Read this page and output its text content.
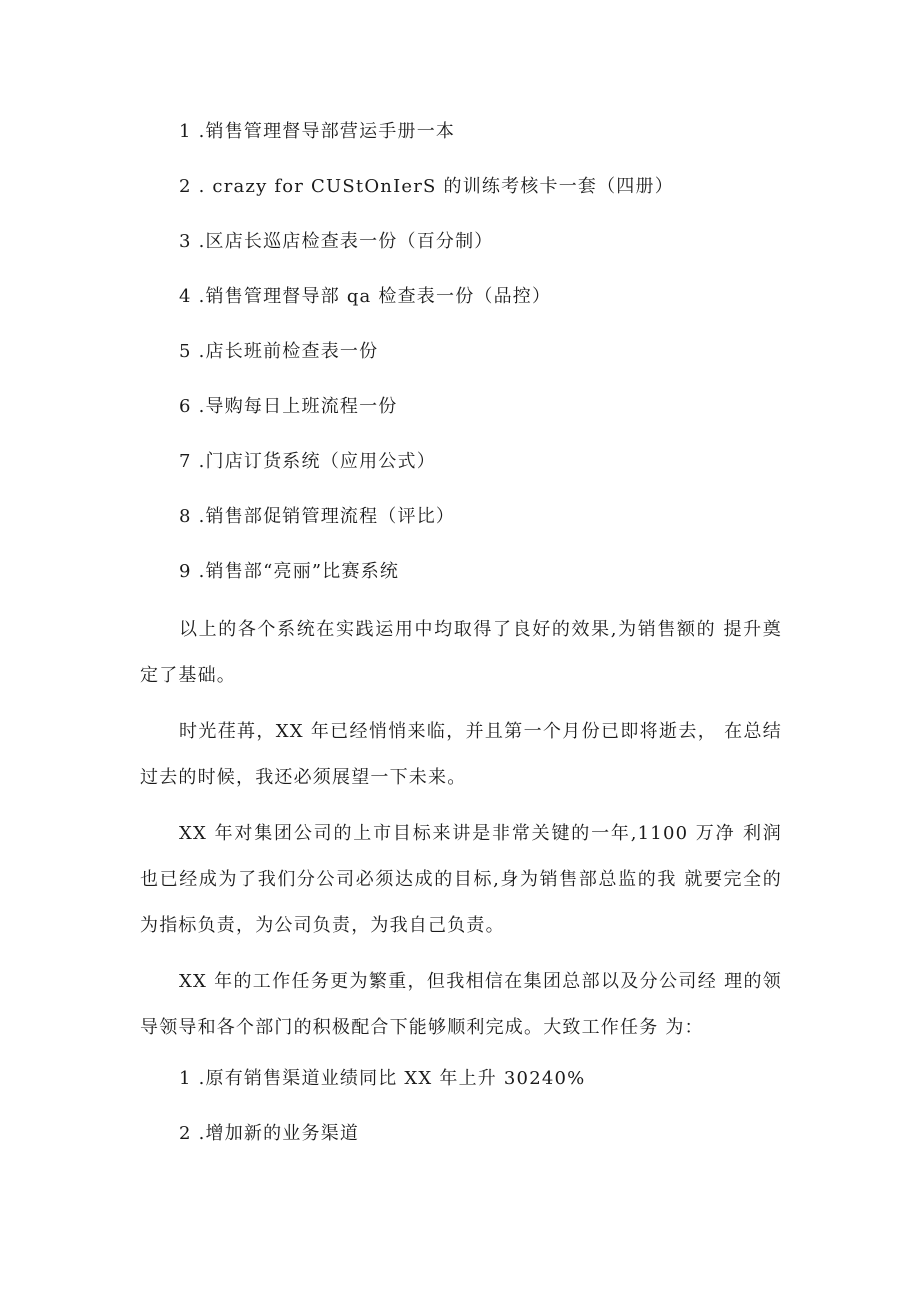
1 .销售管理督导部营运手册一本
2 . crazy for CUStOnIerS 的训练考核卡一套（四册）
3 .区店长巡店检查表一份（百分制）
4 .销售管理督导部 qa 检查表一份（品控）
5 .店长班前检查表一份
6 .导购每日上班流程一份
7 .门店订货系统（应用公式）
8 .销售部促销管理流程（评比）
9 .销售部“亮丽”比赛系统

以上的各个系统在实践运用中均取得了良好的效果,为销售额的 提升奠定了基础。

时光荏苒，XX 年已经悄悄来临，并且第一个月份已即将逝去， 在总结过去的时候，我还必须展望一下未来。

XX 年对集团公司的上市目标来讲是非常关键的一年,1100 万净 利润也已经成为了我们分公司必须达成的目标,身为销售部总监的我 就要完全的为指标负责，为公司负责，为我自己负责。

XX 年的工作任务更为繁重，但我相信在集团总部以及分公司经 理的领导领导和各个部门的积极配合下能够顺利完成。大致工作任务 为：

1 .原有销售渠道业绩同比 XX 年上升 30240%
2 .增加新的业务渠道
